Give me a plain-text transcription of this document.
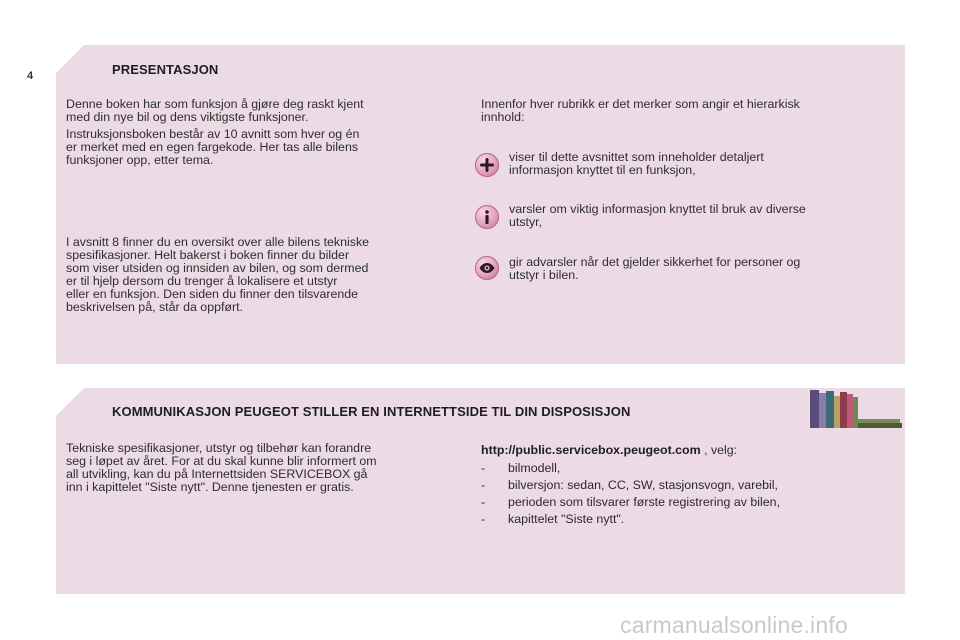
4	PRESENTASJON

Denne boken har som funksjon å gjøre deg raskt kjent
med din nye bil og dens viktigste funksjoner.

Instruksjonsboken består av 10 avnitt som hver og én
er merket med en egen fargekode. Her tas alle bilens
funksjoner opp, etter tema.

I avsnitt 8 finner du en oversikt over alle bilens tekniske
spesifikasjoner. Helt bakerst i boken finner du bilder
som viser utsiden og innsiden av bilen, og som dermed
er til hjelp dersom du trenger å lokalisere et utstyr
eller en funksjon. Den siden du finner den tilsvarende
beskrivelsen på, står da oppført.

Innenfor hver rubrikk er det merker som angir et hierarkisk
innhold:

viser til dette avsnittet som inneholder detaljert
informasjon knyttet til en funksjon,

varsler om viktig informasjon knyttet til bruk av diverse
utstyr,

gir advarsler når det gjelder sikkerhet for personer og
utstyr i bilen.

KOMMUNIKASJON PEUGEOT STILLER EN INTERNETTSIDE TIL DIN DISPOSISJON

Tekniske spesifikasjoner, utstyr og tilbehør kan forandre
seg i løpet av året. For at du skal kunne blir informert om
all utvikling, kan du på Internettsiden SERVICEBOX gå
inn i kapittelet "Siste nytt". Denne tjenesten er gratis.

http://public.servicebox.peugeot.com , velg:

- bilmodell,
- bilversjon: sedan, CC, SW, stasjonsvogn, varebil,
- perioden som tilsvarer første registrering av bilen,
- kapittelet "Siste nytt".
carmanualsonline.info
